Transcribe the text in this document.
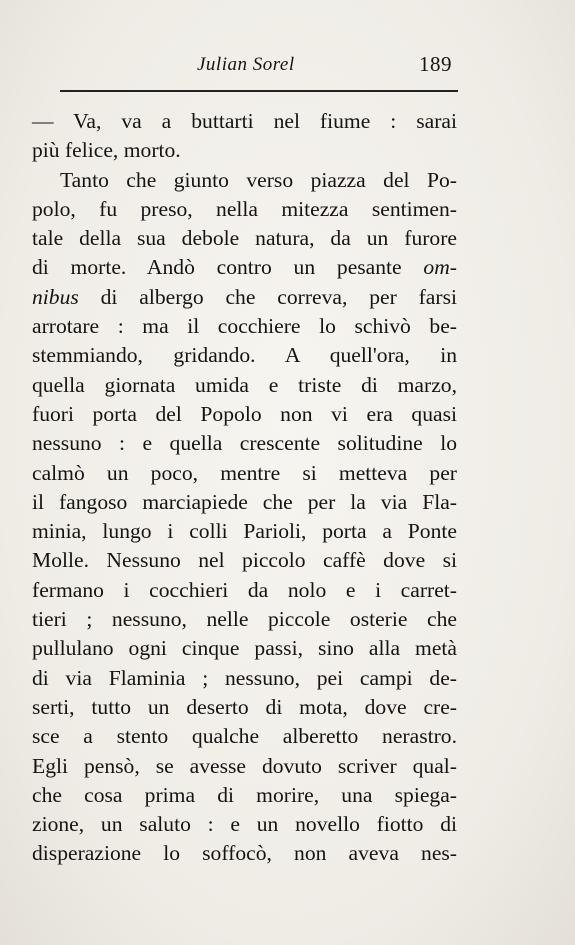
Julian Sorel	189
— Va, va a buttarti nel fiume : sarai
più felice, morto.
Tanto che giunto verso piazza del Po-
polo, fu preso, nella mitezza sentimen-
tale della sua debole natura, da un furore
di morte. Andò contro un pesante om-
nibus di albergo che correva, per farsi
arrotare : ma il cocchiere lo schivò be-
stemmiando, gridando. A quell'ora, in
quella giornata umida e triste di marzo,
fuori porta del Popolo non vi era quasi
nessuno : e quella crescente solitudine lo
calmò un poco, mentre si metteva per
il fangoso marciapiede che per la via Fla-
minia, lungo i colli Parioli, porta a Ponte
Molle. Nessuno nel piccolo caffè dove si
fermano i cocchieri da nolo e i carret-
tieri ; nessuno, nelle piccole osterie che
pullulano ogni cinque passi, sino alla metà
di via Flaminia ; nessuno, pei campi de-
serti, tutto un deserto di mota, dove cre-
sce a stento qualche alberetto nerastro.
Egli pensò, se avesse dovuto scriver qual-
che cosa prima di morire, una spiega-
zione, un saluto : e un novello fiotto di
disperazione lo soffocò, non aveva nes-
